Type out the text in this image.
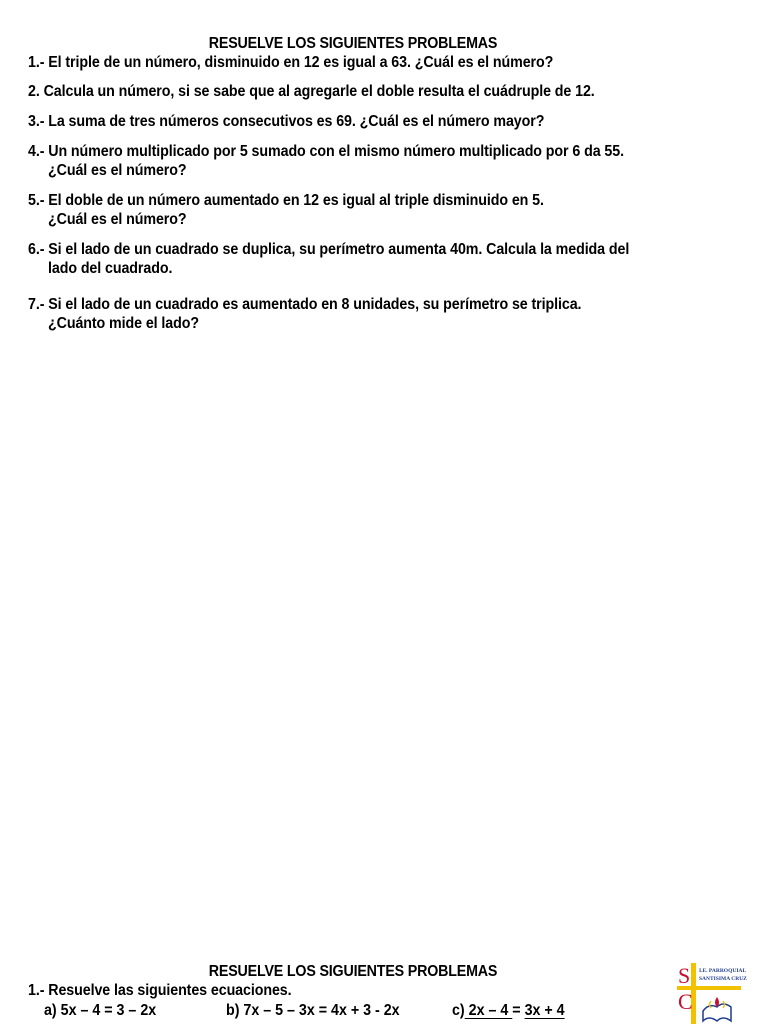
RESUELVE LOS SIGUIENTES PROBLEMAS
1.- El triple de un número, disminuido en 12 es igual a 63. ¿Cuál es el número?
2. Calcula un número, si se sabe que al agregarle el doble resulta el cuádruple de 12.
3.- La suma de tres números consecutivos es 69. ¿Cuál es el número mayor?
4.- Un número multiplicado por 5 sumado con el mismo número multiplicado por 6 da 55.
¿Cuál es el número?
5.- El doble de un número aumentado en 12 es igual al triple disminuido en 5.
¿Cuál es el número?
6.- Si el lado de un cuadrado se duplica, su perímetro aumenta 40m. Calcula la medida del
lado del cuadrado.
7.- Si el lado de un cuadrado es aumentado en 8 unidades, su perímetro se triplica.
¿Cuánto mide el lado?
RESUELVE LOS SIGUIENTES PROBLEMAS
1.- Resuelve las siguientes ecuaciones.
a) 5x – 4 = 3 – 2x	b) 7x – 5 – 3x = 4x + 3 - 2x	c) 2x – 4 = 3x + 4
S
C
I.E. PARROQUIAL
SANTISIMA CRUZ
